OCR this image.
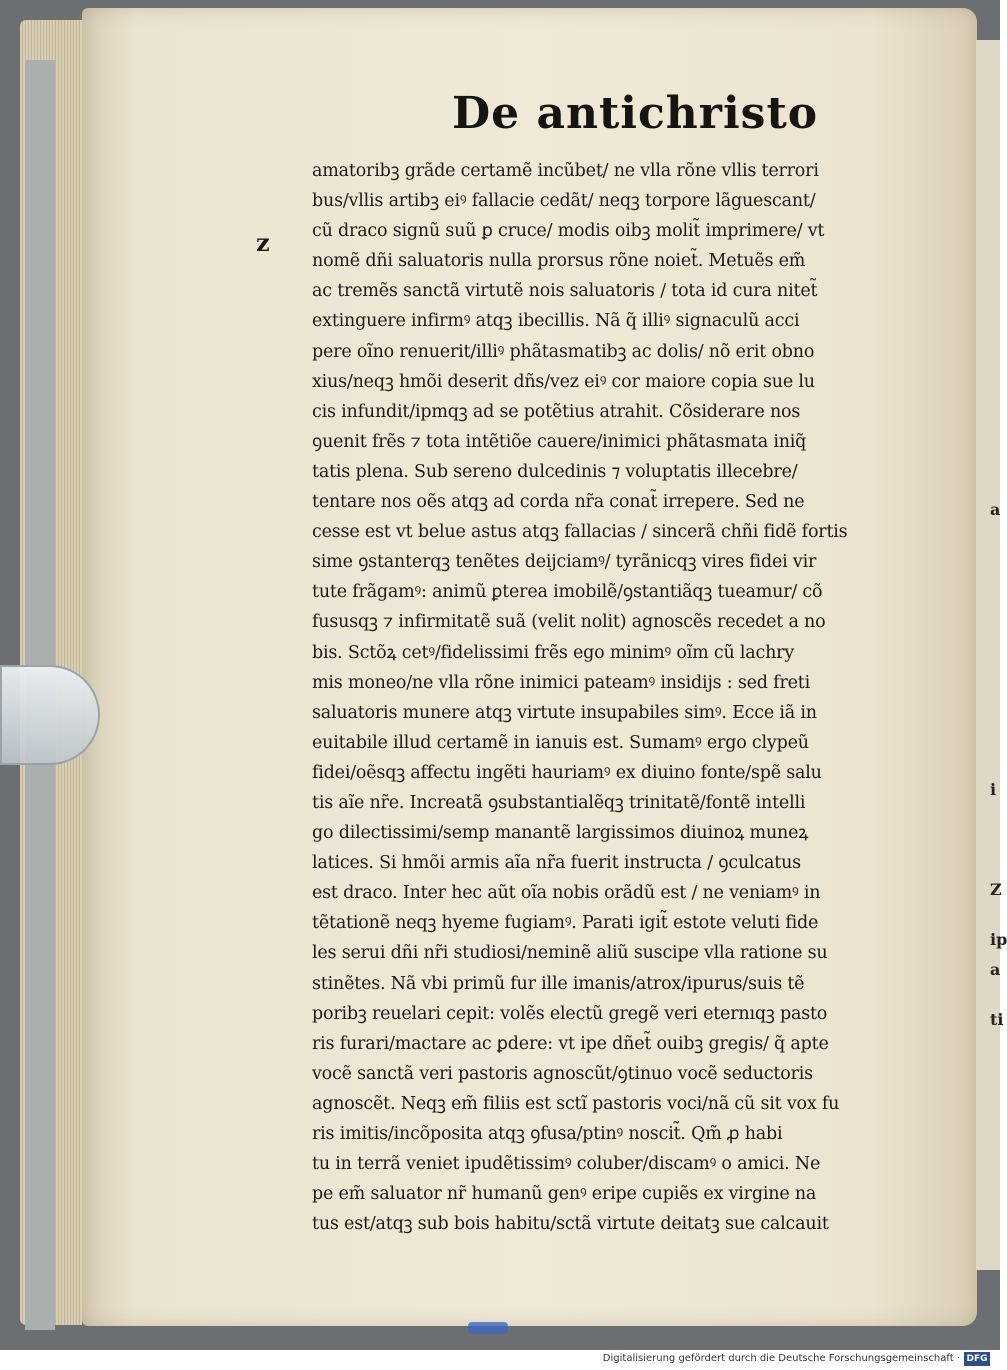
a
i
Z
ip
a
ti
De antichristo
z
amatoribꝫ grãde certamẽ incũbet/ ne vlla rõne vllis terrori
bus/vllis artibꝫ eiꝰ fallacie cedãt/ neqꝫ torpore lãguescant/
cũ draco signũ suũ ꝑ cruce/ modis oibꝫ molit̃ imprimere/ vt
nomẽ dñi saluatoris nulla prorsus rõne noiet̃. Metuẽs em̃
ac tremẽs sanctã virtutẽ nois saluatoris / tota id cura nitet̃
extinguere infirmꝰ atqꝫ ibecillis. Nã q̃ illiꝰ signaculũ acci
pere oĩno renuerit/illiꝰ phãtasmatibꝫ ac dolis/ nõ erit obno
xius/neqꝫ hmõi deserit dñs/vez eiꝰ cor maiore copia sue lu
cis infundit/ipmqꝫ ad se potẽtius atrahit. Cõsiderare nos
ꝯuenit frẽs ⁊ tota intẽtiõe cauere/inimici phãtasmata iniq̃
tatis plena. Sub sereno dulcedinis ⁊ voluptatis illecebre/
tentare nos oẽs atqꝫ ad corda nr̃a conat̃ irrepere. Sed ne
cesse est vt belue astus atqꝫ fallacias / sincerã chñi fidẽ fortis
sime ꝯstanterqꝫ tenẽtes deijciamꝰ/ tyrãnicqꝫ vires fidei vir
tute frãgamꝰ: animũ ꝑterea imobilẽ/ꝯstantiãqꝫ tueamur/ cõ
fususqꝫ ⁊ infirmitatẽ suã (velit nolit) agnoscẽs recedet a no
bis. Sctõꝝ cetꝰ/fidelissimi frẽs ego minimꝰ oĩm cũ lachry
mis moneo/ne vlla rõne inimici pateamꝰ insidijs : sed freti
saluatoris munere atqꝫ virtute insupabiles simꝰ. Ecce iã in
euitabile illud certamẽ in ianuis est. Sumamꝰ ergo clypeũ
fidei/oẽsqꝫ affectu ingẽti hauriamꝰ ex diuino fonte/spẽ salu
tis aĩe nr̃e. Increatã ꝯsubstantialẽqꝫ trinitatẽ/fontẽ intelli
go dilectissimi/semp manantẽ largissimos diuinoꝝ muneꝝ
latices. Si hmõi armis aĩa nr̃a fuerit instructa / ꝯculcatus
est draco. Inter hec aũt oĩa nobis orãdũ est / ne veniamꝰ in
tẽtationẽ neqꝫ hyeme fugiamꝰ. Parati igit̃ estote veluti fide
les serui dñi nr̃i studiosi/neminẽ aliũ suscipe vlla ratione su
stinẽtes. Nã vbi primũ fur ille imanis/atrox/ipurus/suis tẽ
poribꝫ reuelari cepit: volẽs electũ gregẽ veri eternıqꝫ pasto
ris furari/mactare ac ꝑdere: vt ipe dñet̃ ouibꝫ gregis/ q̃ apte
vocẽ sanctã veri pastoris agnoscũt/ꝯtinuo vocẽ seductoris
agnoscẽt. Neqꝫ em̃ filiis est sctĩ pastoris voci/nã cũ sit vox fu
ris imitis/incõposita atqꝫ ꝯfusa/ptinꝰ noscit̃. Qm̃ ꝓ habi
tu in terrã veniet ipudẽtissimꝰ coluber/discamꝰ o amici. Ne
pe em̃ saluator nr̃ humanũ genꝰ eripe cupiẽs ex virgine na
tus est/atqꝫ sub bois habitu/sctã virtute deitatꝫ sue calcauit
Digitalisierung gefördert durch die Deutsche Forschungsgemeinschaft · DFG
